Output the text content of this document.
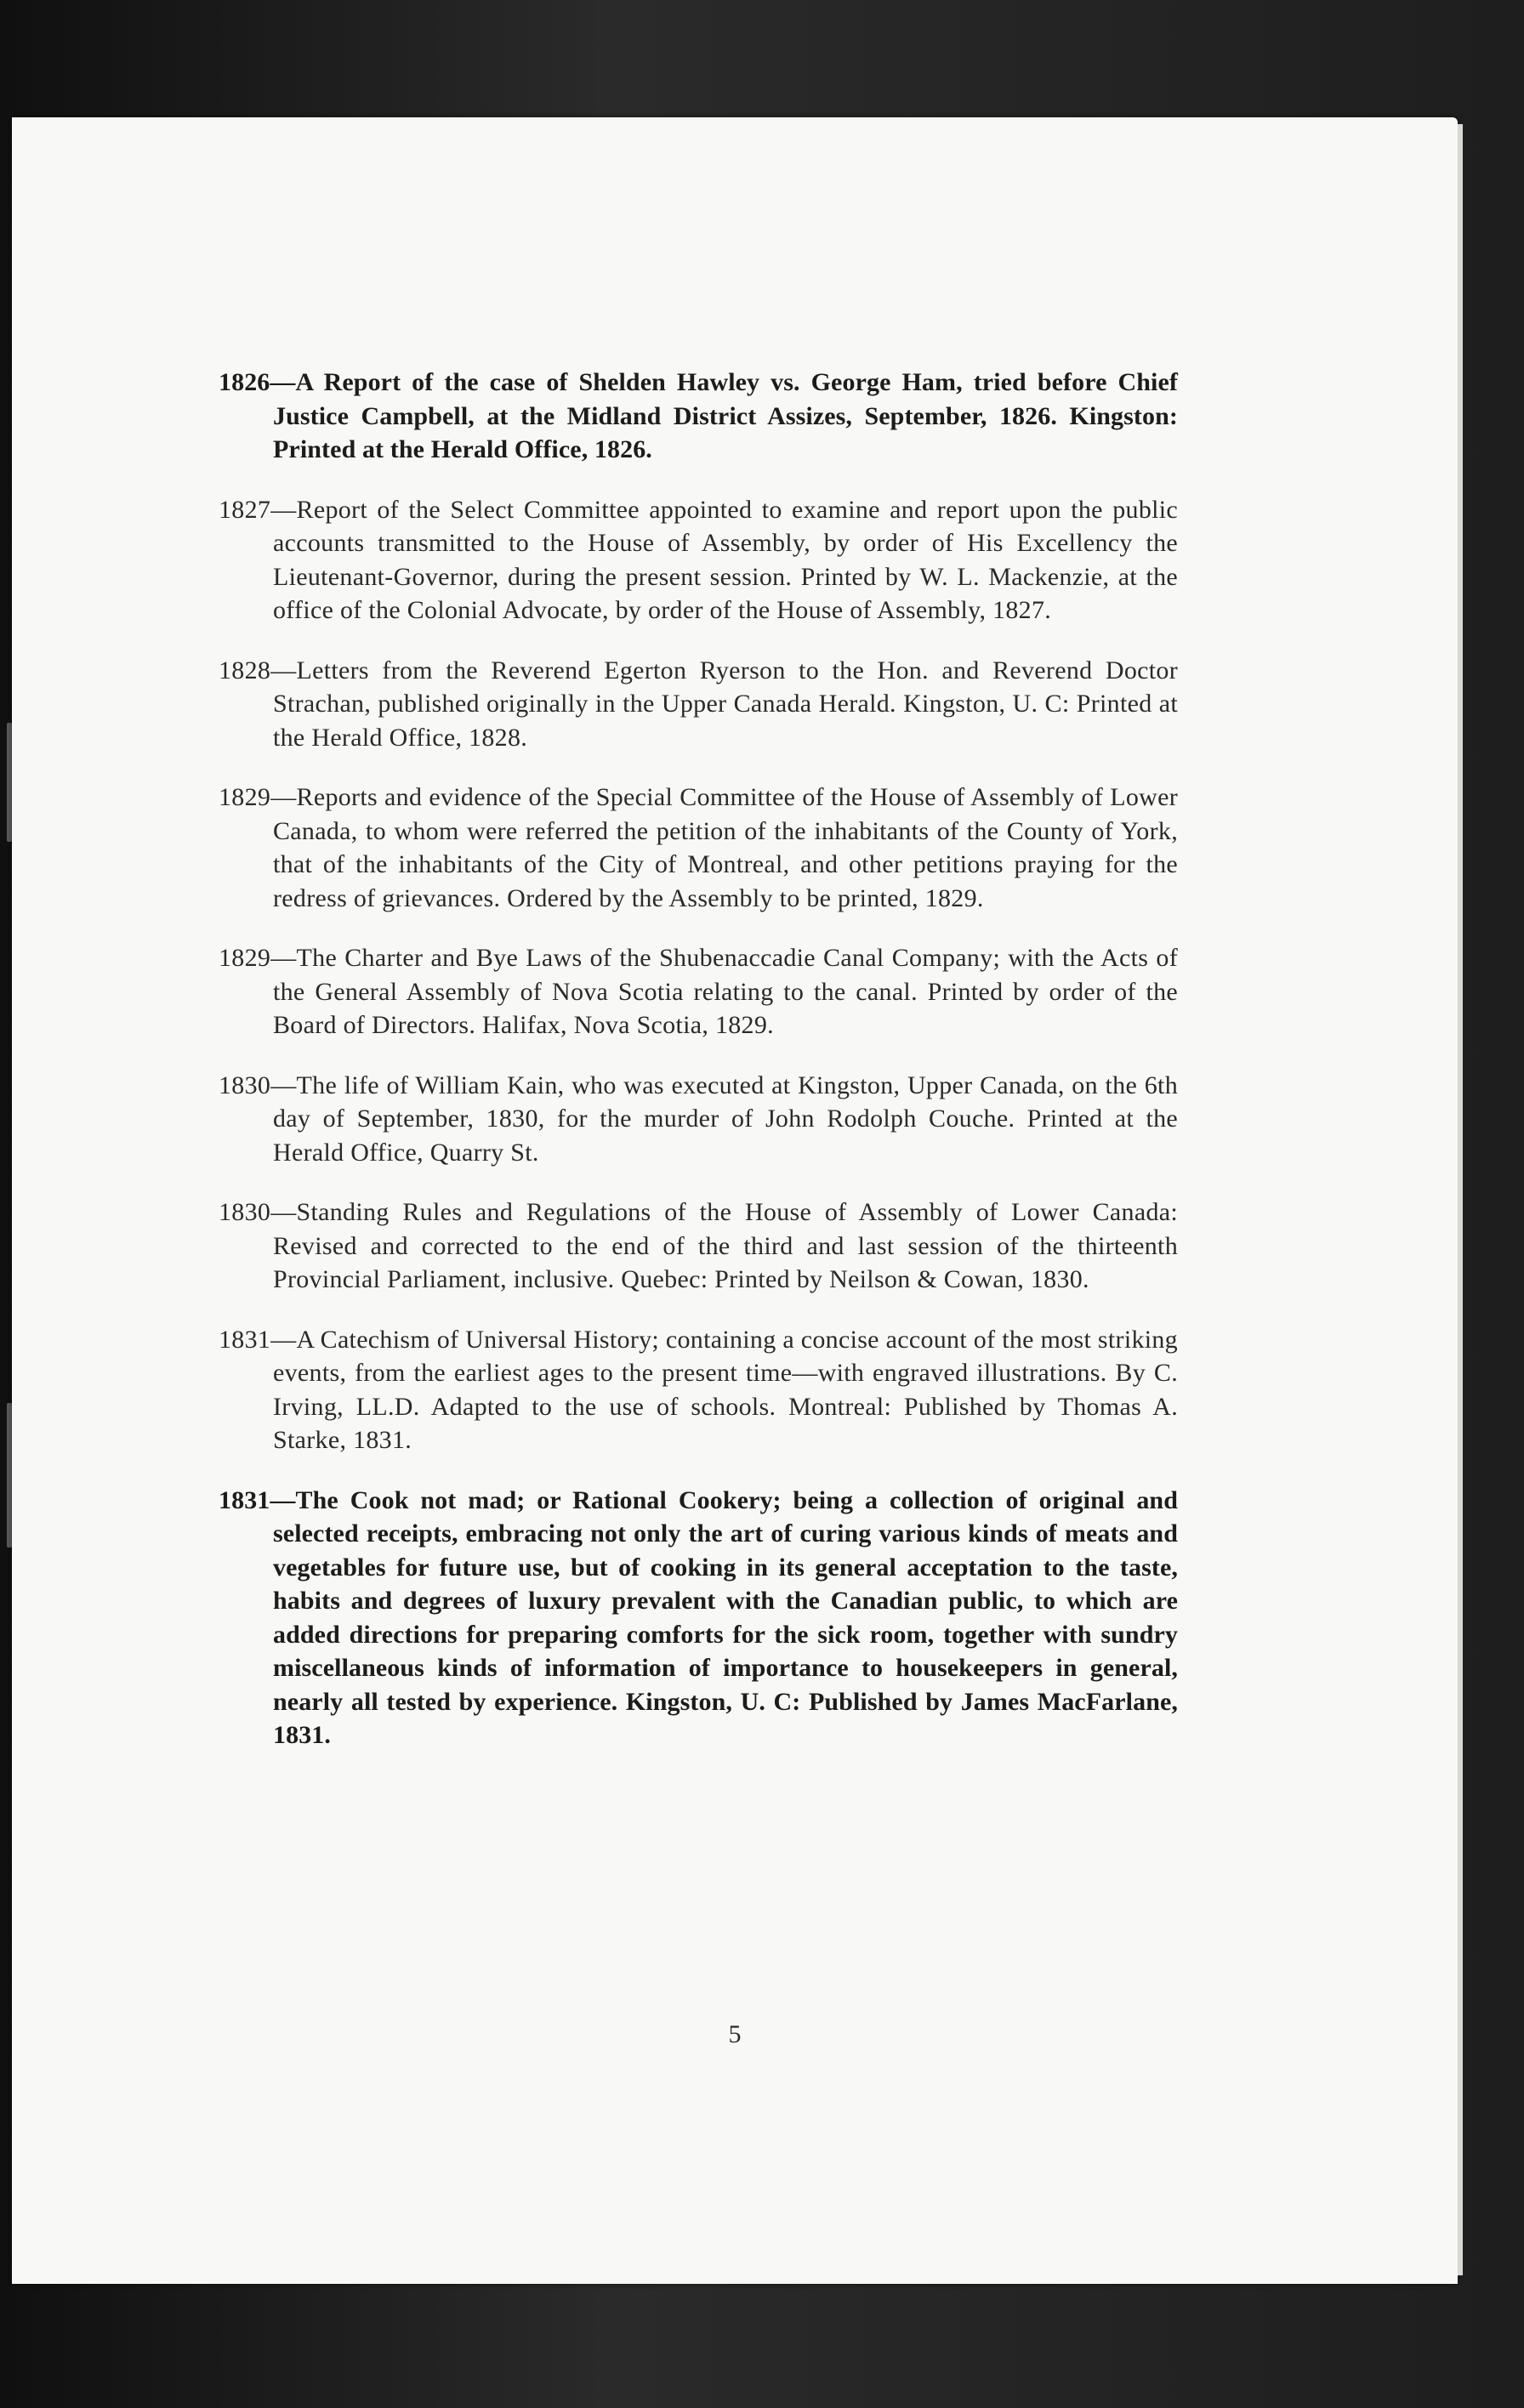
1826—A Report of the case of Shelden Hawley vs. George Ham, tried before Chief Justice Campbell, at the Midland District Assizes, September, 1826. Kingston: Printed at the Herald Office, 1826.

1827—Report of the Select Committee appointed to examine and report upon the public accounts transmitted to the House of Assembly, by order of His Excellency the Lieutenant-Governor, during the present session. Printed by W. L. Mackenzie, at the office of the Colonial Advocate, by order of the House of Assembly, 1827.

1828—Letters from the Reverend Egerton Ryerson to the Hon. and Reverend Doctor Strachan, published originally in the Upper Canada Herald. Kingston, U. C: Printed at the Herald Office, 1828.

1829—Reports and evidence of the Special Committee of the House of Assembly of Lower Canada, to whom were referred the petition of the inhabitants of the County of York, that of the inhabitants of the City of Montreal, and other petitions praying for the redress of grievances. Ordered by the Assembly to be printed, 1829.

1829—The Charter and Bye Laws of the Shubenaccadie Canal Company; with the Acts of the General Assembly of Nova Scotia relating to the canal. Printed by order of the Board of Directors. Halifax, Nova Scotia, 1829.

1830—The life of William Kain, who was executed at Kingston, Upper Canada, on the 6th day of September, 1830, for the murder of John Rodolph Couche. Printed at the Herald Office, Quarry St.

1830—Standing Rules and Regulations of the House of Assembly of Lower Canada: Revised and corrected to the end of the third and last session of the thirteenth Provincial Parliament, inclusive. Quebec: Printed by Neilson & Cowan, 1830.

1831—A Catechism of Universal History; containing a concise account of the most striking events, from the earliest ages to the present time—with engraved illustrations. By C. Irving, LL.D. Adapted to the use of schools. Montreal: Published by Thomas A. Starke, 1831.

1831—The Cook not mad; or Rational Cookery; being a collection of original and selected receipts, embracing not only the art of curing various kinds of meats and vegetables for future use, but of cooking in its general acceptation to the taste, habits and degrees of luxury prevalent with the Canadian public, to which are added directions for preparing comforts for the sick room, together with sundry miscellaneous kinds of information of importance to housekeepers in general, nearly all tested by experience. Kingston, U. C: Published by James MacFarlane, 1831.

5
